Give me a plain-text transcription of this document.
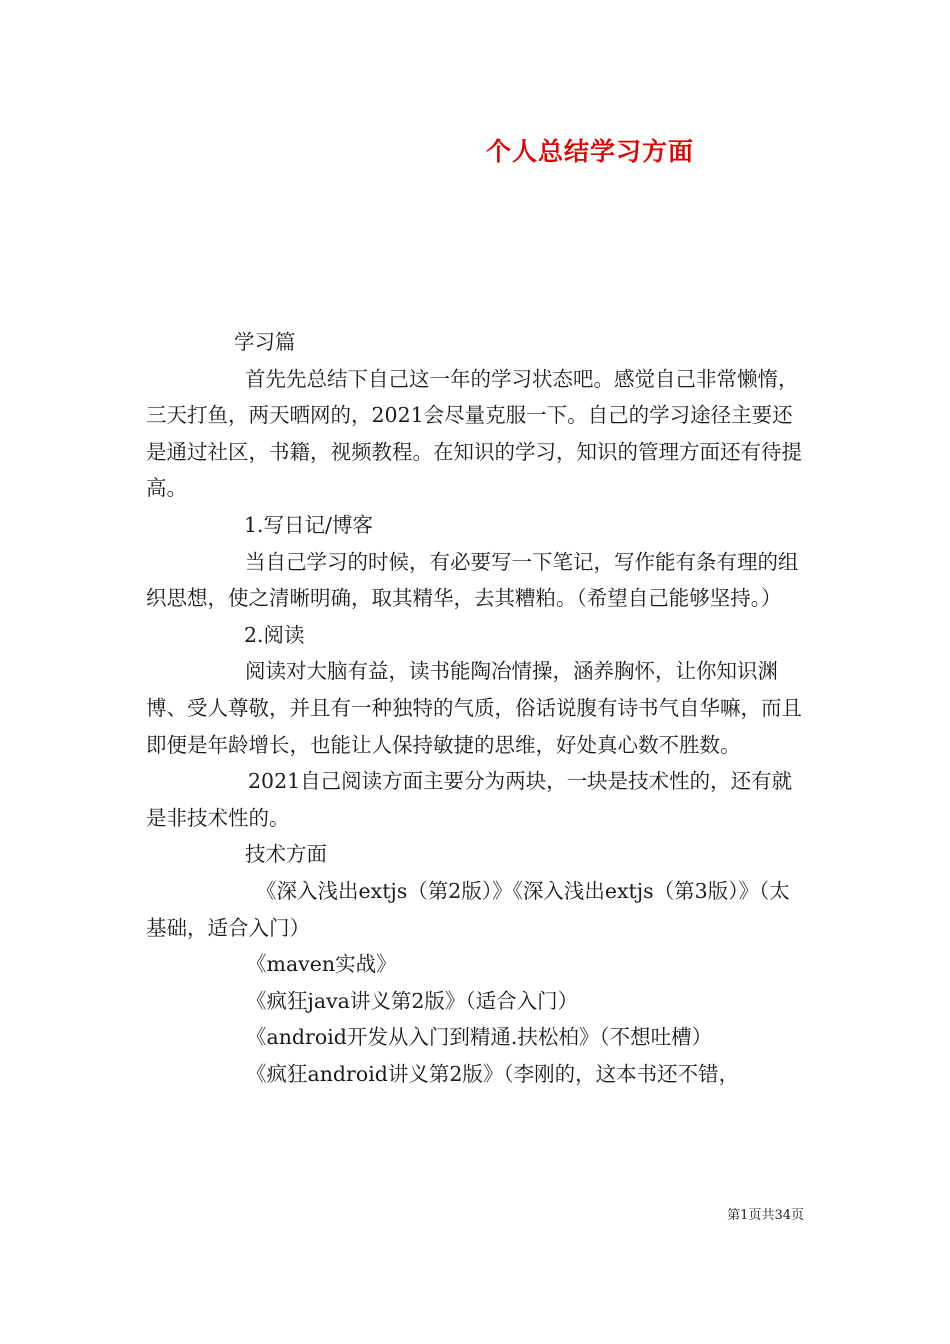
个人总结学习方面

学习篇

首先先总结下自己这一年的学习状态吧。感觉自己非常懒惰，三天打鱼，两天晒网的，2021会尽量克服一下。自己的学习途径主要还是通过社区，书籍，视频教程。在知识的学习，知识的管理方面还有待提高。

1.写日记/博客

当自己学习的时候，有必要写一下笔记，写作能有条有理的组织思想，使之清晰明确，取其精华，去其糟粕。（希望自己能够坚持。）

2.阅读

阅读对大脑有益，读书能陶冶情操，涵养胸怀，让你知识渊博、受人尊敬，并且有一种独特的气质，俗话说腹有诗书气自华嘛，而且即便是年龄增长，也能让人保持敏捷的思维，好处真心数不胜数。

2021自己阅读方面主要分为两块，一块是技术性的，还有就是非技术性的。

技术方面

《深入浅出extjs（第2版）》《深入浅出extjs（第3版）》（太基础，适合入门）

《maven实战》

《疯狂java讲义第2版》（适合入门）

《android开发从入门到精通.扶松柏》（不想吐槽）

《疯狂android讲义第2版》（李刚的，这本书还不错，

第1页共34页
